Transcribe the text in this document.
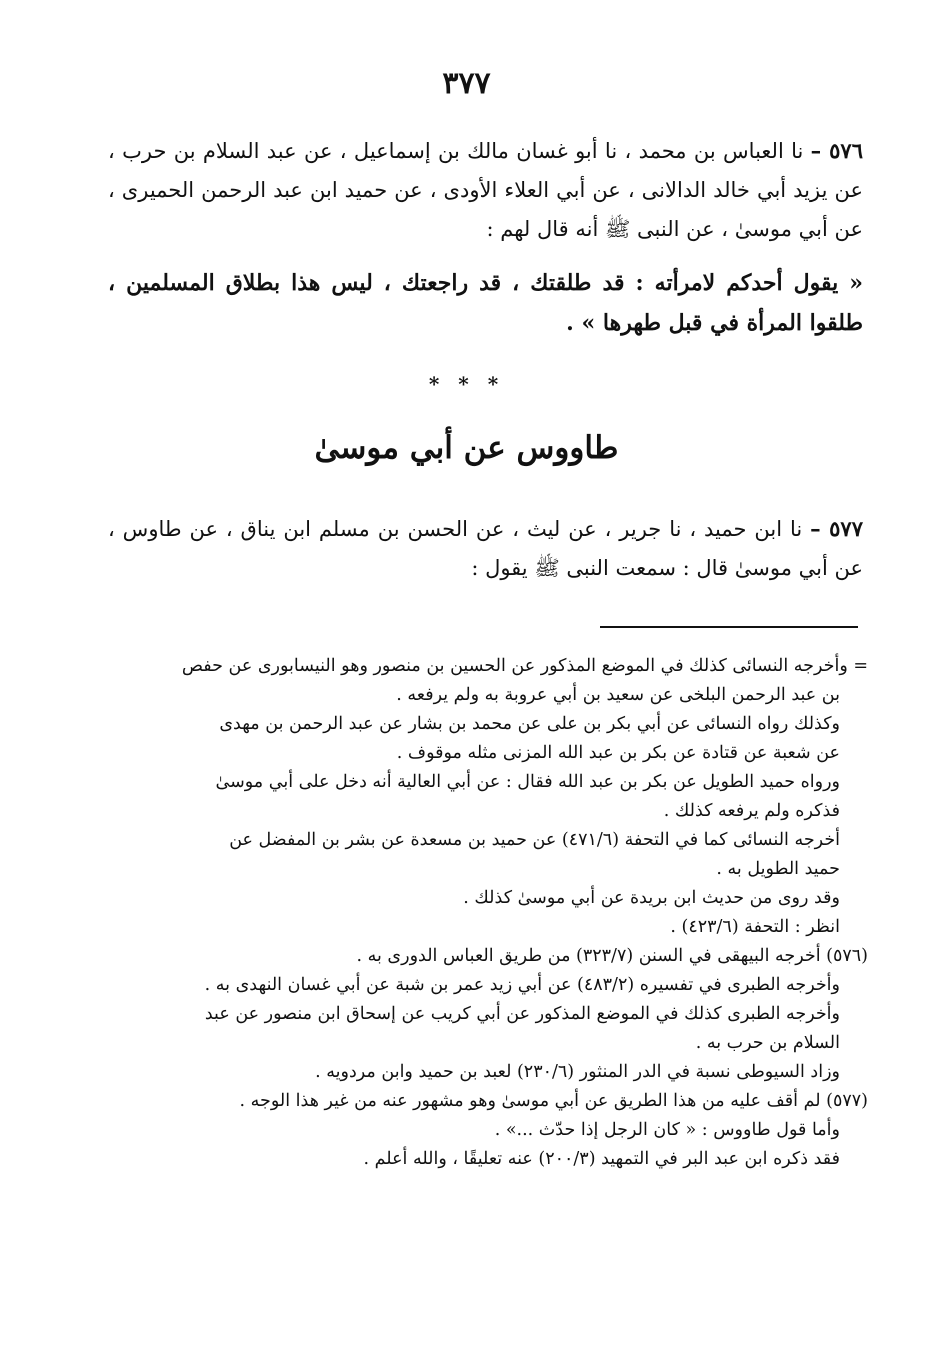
٣٧٧

٥٧٦ – نا العباس بن محمد ، نا أبو غسان مالك بن إسماعيل ، عن عبد السلام بن حرب ، عن يزيد أبي خالد الدالانى ، عن أبي العلاء الأودى ، عن حميد ابن عبد الرحمن الحميرى ، عن أبي موسىٰ ، عن النبى ﷺ أنه قال لهم :

« يقول أحدكم لامرأته : قد طلقتك ، قد راجعتك ، ليس هذا بطلاق المسلمين ، طلقوا المرأة في قبل طهرها » .

* * *
طاووس عن أبي موسىٰ

٥٧٧ – نا ابن حميد ، نا جرير ، عن ليث ، عن الحسن بن مسلم ابن يناق ، عن طاوس ، عن أبي موسىٰ قال : سمعت النبى ﷺ يقول :

= وأخرجه النسائى كذلك في الموضع المذكور عن الحسين بن منصور وهو النيسابورى عن حفص

بن عبد الرحمن البلخى عن سعيد بن أبي عروبة به ولم يرفعه .

وكذلك رواه النسائى عن أبي بكر بن على عن محمد بن بشار عن عبد الرحمن بن مهدى

عن شعبة عن قتادة عن بكر بن عبد الله المزنى مثله موقوف .

ورواه حميد الطويل عن بكر بن عبد الله فقال : عن أبي العالية أنه دخل على أبي موسىٰ

فذكره ولم يرفعه كذلك .

أخرجه النسائى كما في التحفة (٤٧١/٦) عن حميد بن مسعدة عن بشر بن المفضل عن

حميد الطويل به .

وقد روى من حديث ابن بريدة عن أبي موسىٰ كذلك .

انظر : التحفة (٤٢٣/٦) .

(٥٧٦) أخرجه البيهقى في السنن (٣٢٣/٧) من طريق العباس الدورى به .

وأخرجه الطبرى في تفسيره (٤٨٣/٢) عن أبي زيد عمر بن شبة عن أبي غسان النهدى به .

وأخرجه الطبرى كذلك في الموضع المذكور عن أبي كريب عن إسحاق ابن منصور عن عبد

السلام بن حرب به .

وزاد السيوطى نسبة في الدر المنثور (٢٣٠/٦) لعبد بن حميد وابن مردويه .

(٥٧٧) لم أقف عليه من هذا الطريق عن أبي موسىٰ وهو مشهور عنه من غير هذا الوجه .

وأما قول طاووس : « كان الرجل إذا حدّث ...» .

فقد ذكره ابن عبد البر في التمهيد (٢٠٠/٣) عنه تعليقًا ، والله أعلم .
